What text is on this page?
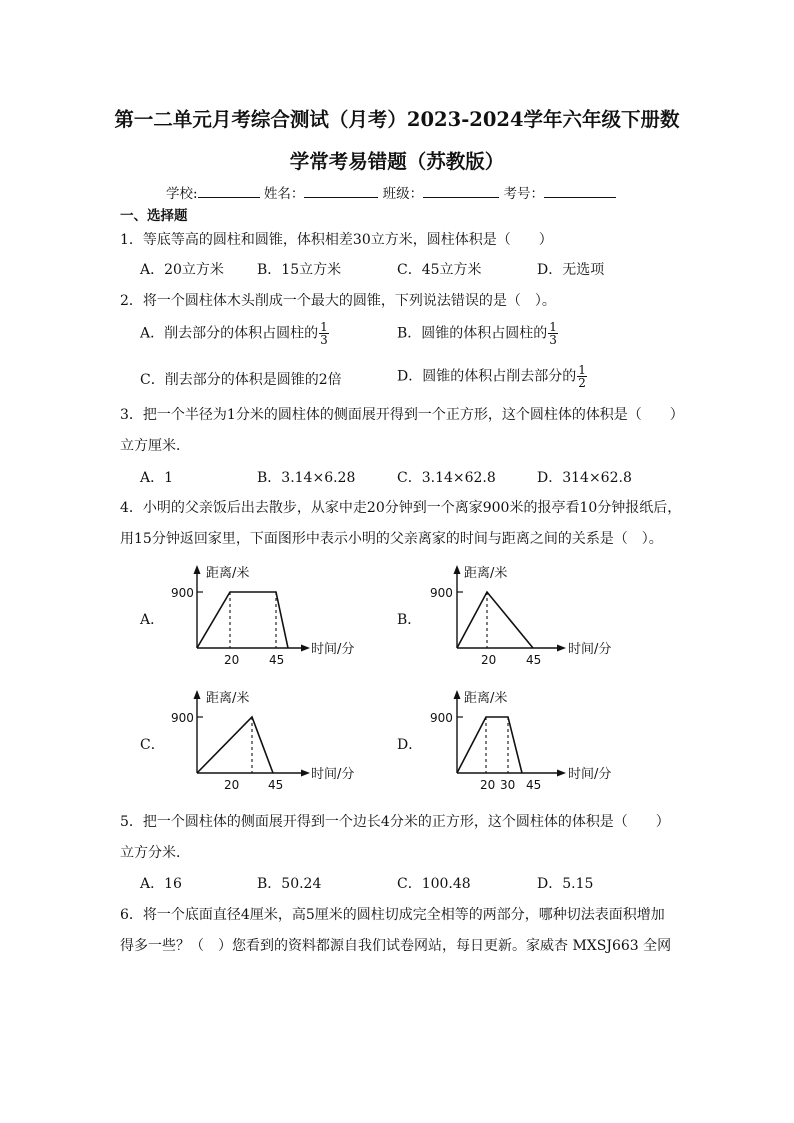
第一二单元月考综合测试（月考）2023-2024学年六年级下册数
学常考易错题（苏教版）
学校:	姓名：	班级：	考号：
一、选择题
1．等底等高的圆柱和圆锥，体积相差30立方米，圆柱体积是（　　）
A．20立方米 B．15立方米	C．45立方米	D．无选项
2．将一个圆柱体木头削成一个最大的圆锥，下列说法错误的是（　）。
A．削去部分的体积占圆柱的 $\frac{1}{3}$	B．圆锥的体积占圆柱的 $\frac{1}{3}$
C．削去部分的体积是圆锥的2倍	D．圆锥的体积占削去部分的 $\frac{1}{2}$
3．把一个半径为1分米的圆柱体的侧面展开得到一个正方形，这个圆柱体的体积是（　　）
立方厘米．
A．1	B．3.14×6.28	C．3.14×62.8	D．314×62.8
4．小明的父亲饭后出去散步，从家中走20分钟到一个离家900米的报亭看10分钟报纸后，
用15分钟返回家里，下面图形中表示小明的父亲离家的时间与距离之间的关系是（　）。
A．	B．
C．	D．
距离/米
900
20 45
时间/分
距离/米
900
20 45
时间/分
距离/米
900
20 45
时间/分
距离/米
900
20 30 45
时间/分
5．把一个圆柱体的侧面展开得到一个边长4分米的正方形，这个圆柱体的体积是（　　）
立方分米．
A．16	B．50.24	C．100.48	D．5.15
6．将一个底面直径4厘米，高5厘米的圆柱切成完全相等的两部分，哪种切法表面积增加
得多一些？（　）您看到的资料都源自我们试卷网站，每日更新。家威杏 MXSJ663 全网
